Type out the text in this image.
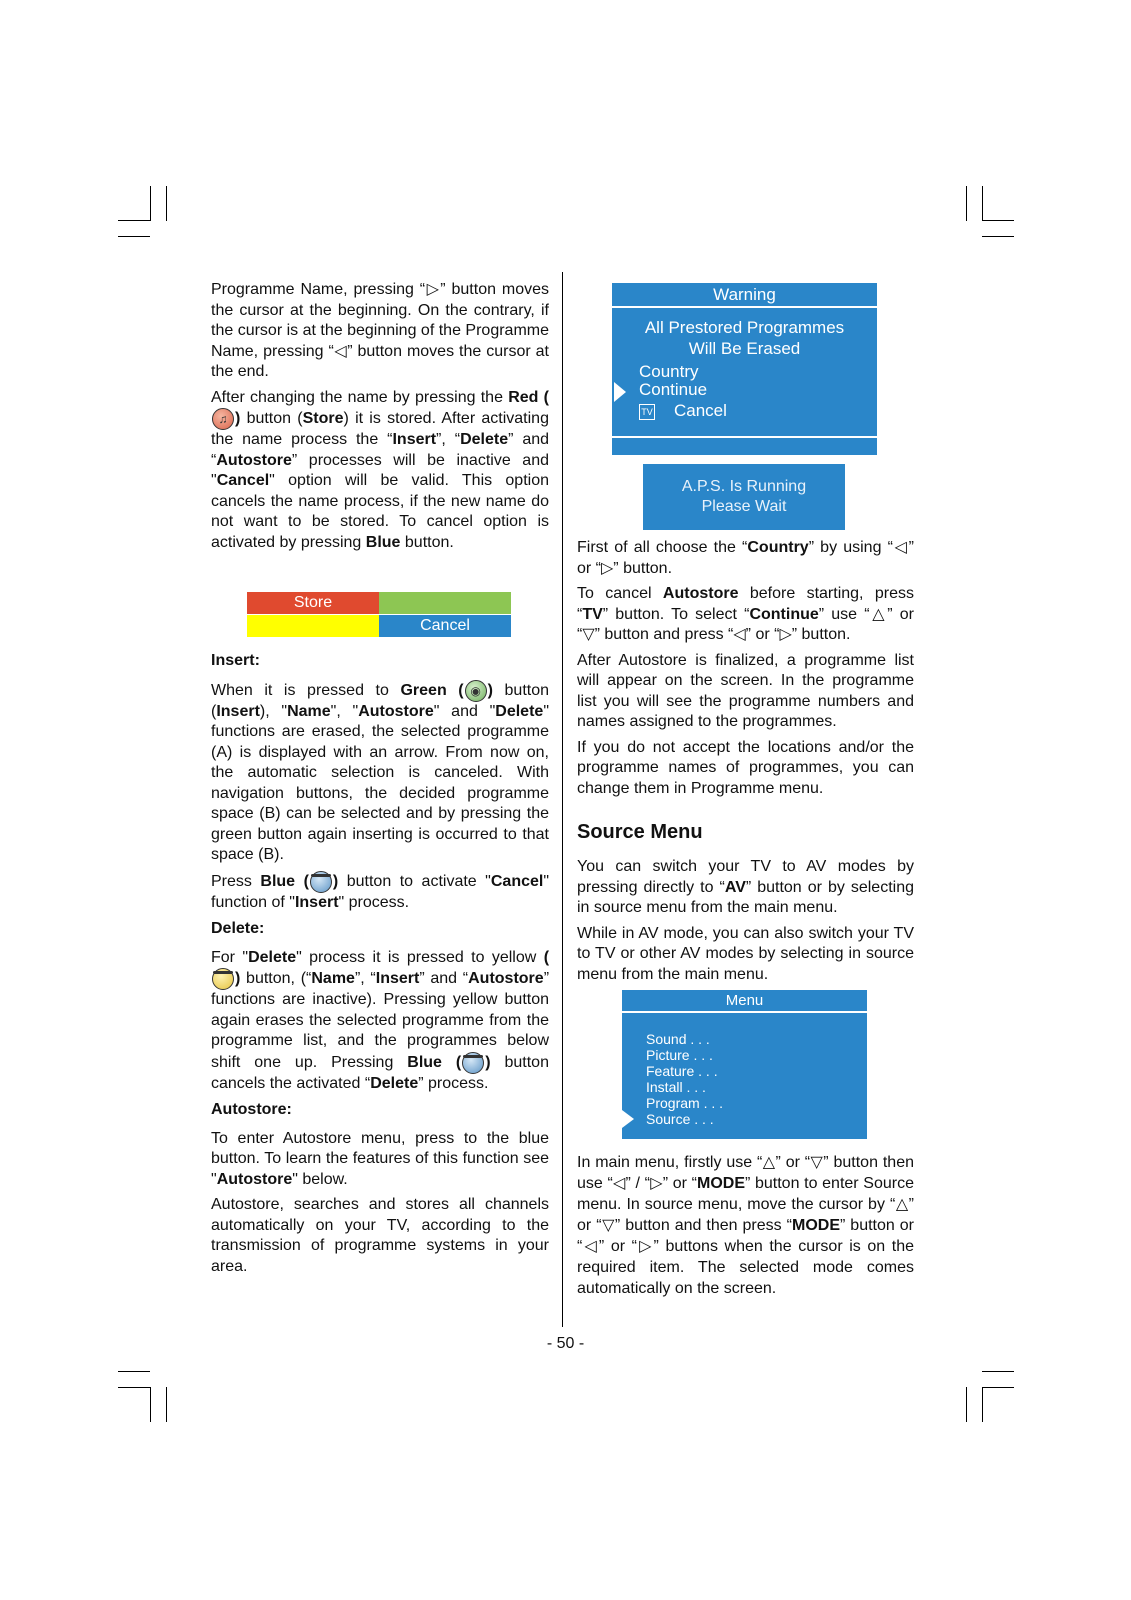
Programme Name, pressing “▷” button moves the cursor at the beginning. On the contrary, if the cursor is at the beginning of the Programme Name, pressing “◁” button moves the cursor at the end.

After changing the name by pressing the Red (
♫ ) button (Store) it is stored. After activating the name process the “Insert”, “Delete” and “Autostore” processes will be inactive and "Cancel" option will be valid. This option cancels the name process, if the new name do not want to be stored. To cancel option is activated by pressing Blue button.

Store
Cancel
Insert:

When it is pressed to Green ( ◉ ) button (Insert), "Name", "Autostore" and "Delete" functions are erased, the selected programme (A) is displayed with an arrow. From now on, the automatic selection is canceled. With navigation buttons, the decided programme space (B) can be selected and by pressing the green button again inserting is occurred to that space (B).

Press Blue ( ) button to activate "Cancel" function of "Insert" process.

Delete:

For "Delete" process it is pressed to yellow (
) button, (“Name”, “Insert” and “Autostore” functions are inactive). Pressing yellow button again erases the selected programme from the programme list, and the programmes below shift one up. Pressing Blue ( ) button cancels the activated “Delete” process.

Autostore:

To enter Autostore menu, press to the blue button. To learn the features of this function see "Autostore" below.

Autostore, searches and stores all channels automatically on your TV, according to the transmission of programme systems in your area.

Warning
All Prestored Programmes
Will Be Erased
Country
Continue
TV Cancel
A.P.S. Is Running
Please Wait

First of all choose the “Country” by using “◁” or “▷” button.

To cancel Autostore before starting, press “TV” button. To select “Continue” use “△” or “▽” button and press “◁” or “▷” button.

After Autostore is finalized, a programme list will appear on the screen. In the programme list you will see the programme numbers and names assigned to the programmes.

If you do not accept the locations and/or the programme names of programmes, you can change them in Programme menu.

Source Menu

You can switch your TV to AV modes by pressing directly to “AV” button or by selecting in source menu from the main menu.

While in AV mode, you can also switch your TV to TV or other AV modes by selecting in source menu from the main menu.

Menu
Sound . . .
Picture . . .
Feature . . .
Install . . .
Program . . .
Source . . .

In main menu, firstly use “△” or “▽” button then use “◁” / “▷” or “MODE” button to enter Source menu. In source menu, move the cursor by “△” or “▽” button and then press “MODE” button or “◁” or “▷” buttons when the cursor is on the required item. The selected mode comes automatically on the screen.

- 50 -
